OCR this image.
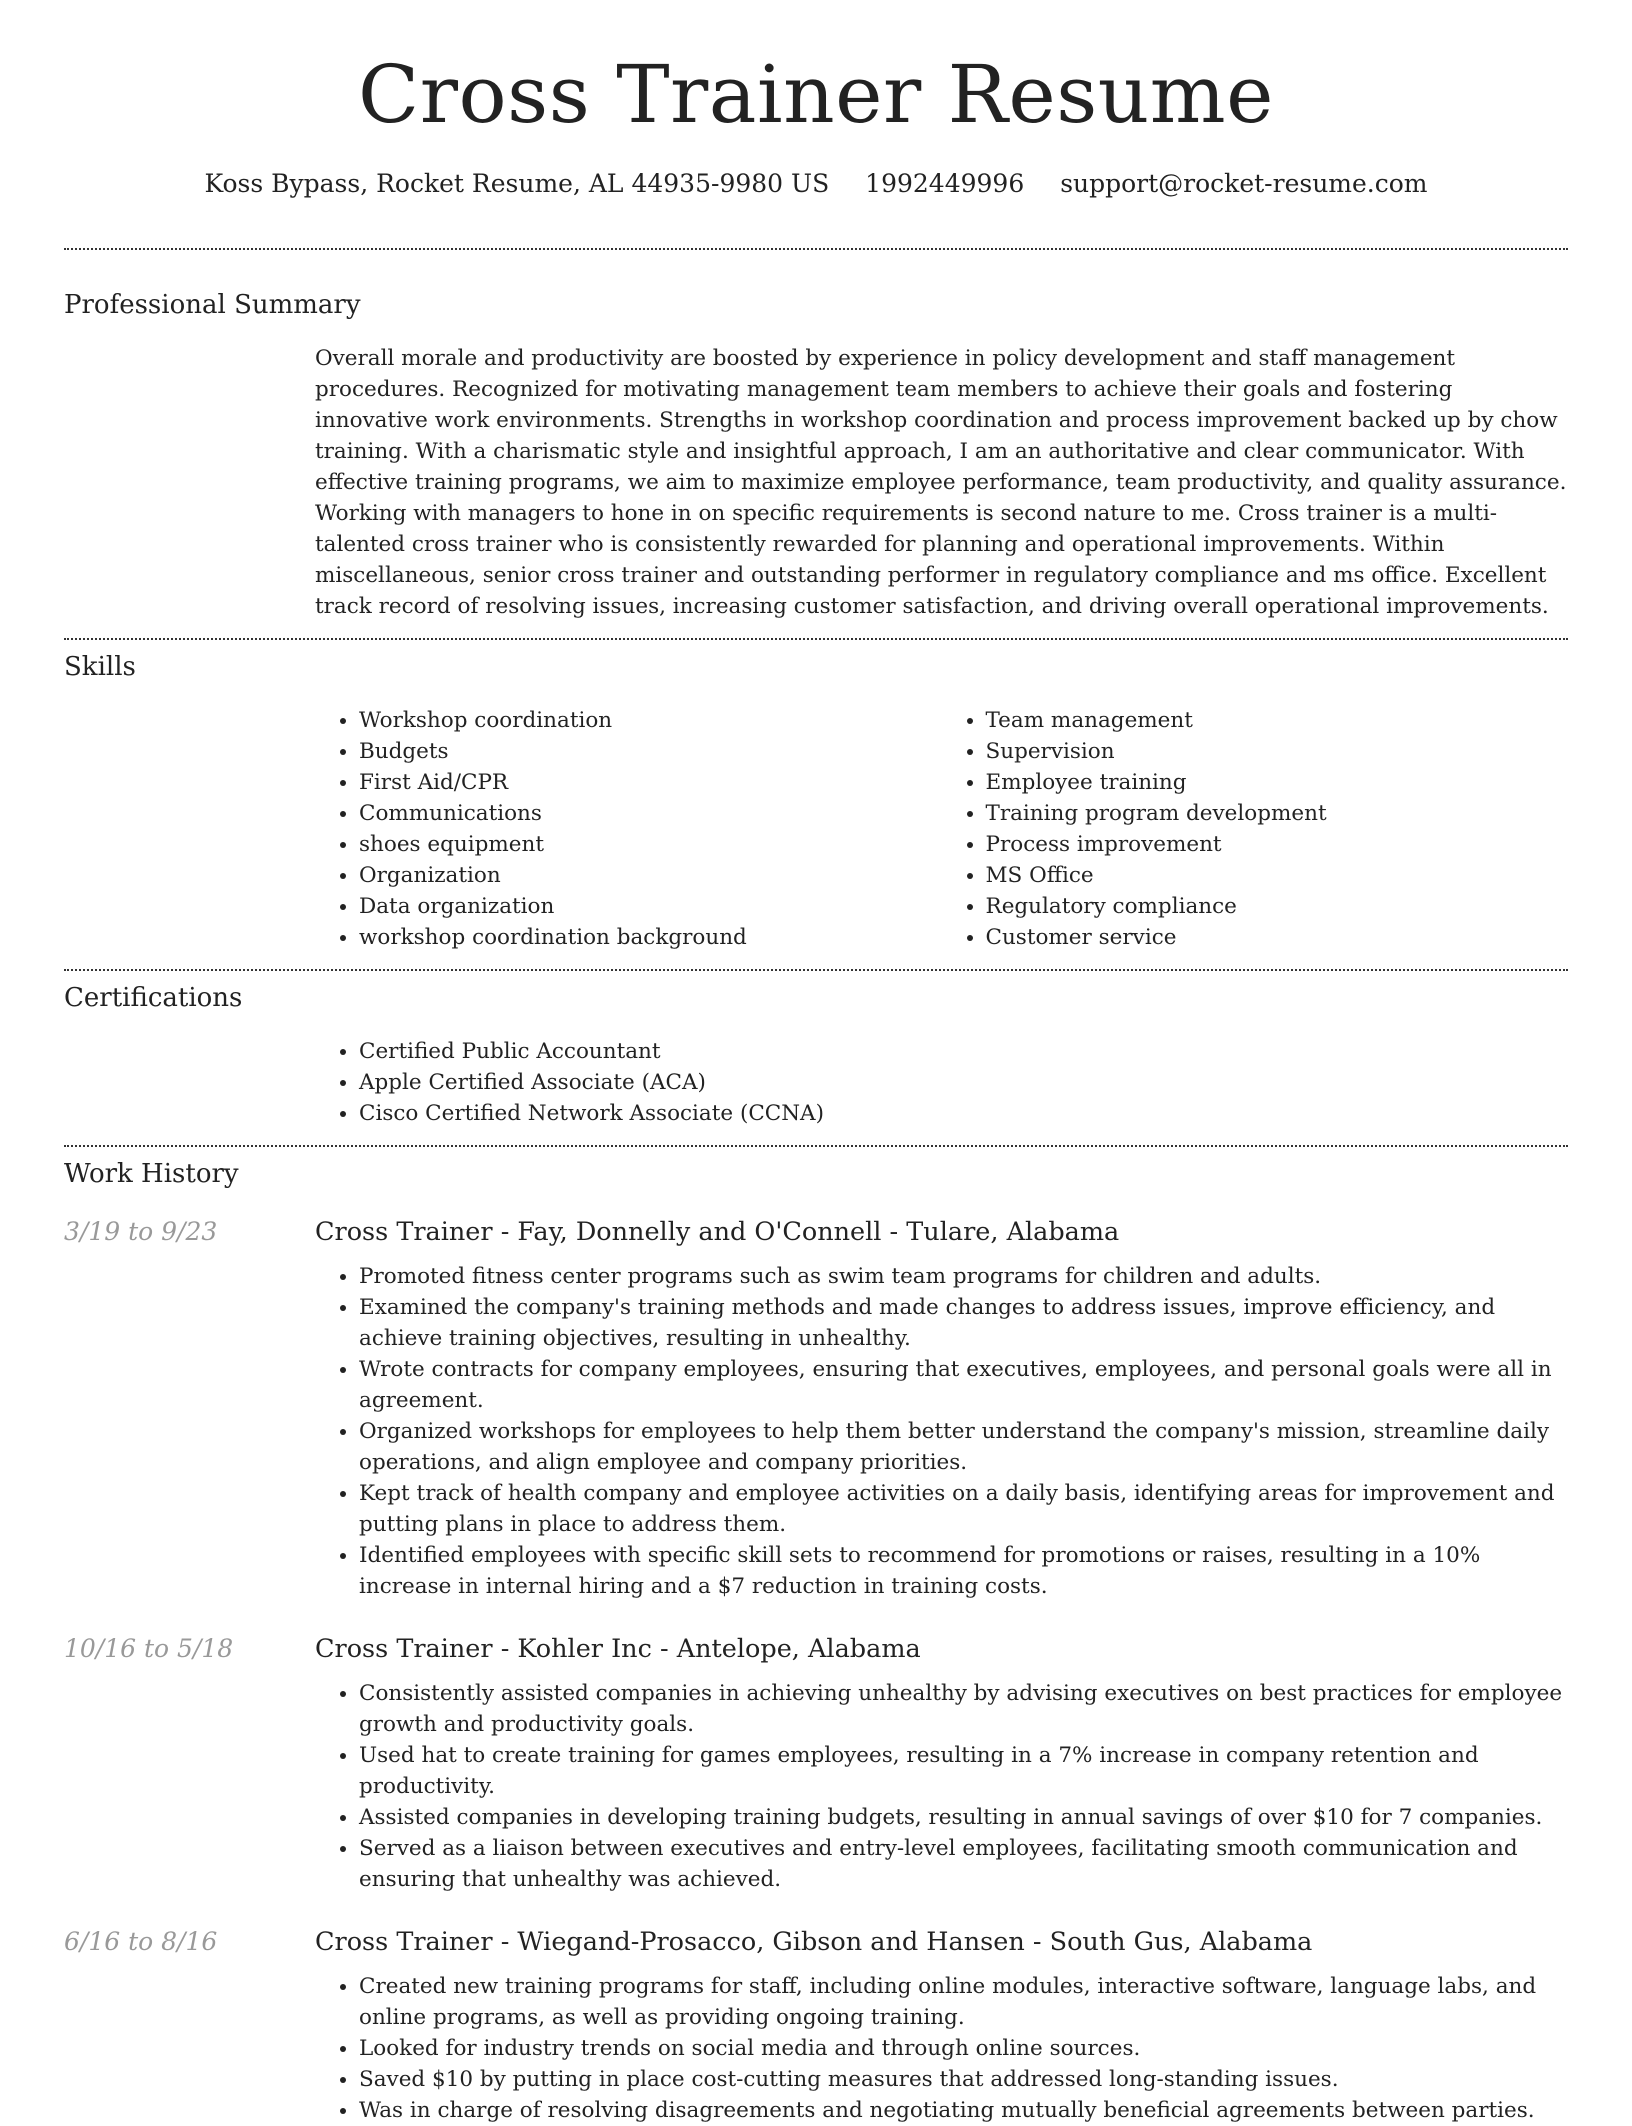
Cross Trainer Resume
Koss Bypass, Rocket Resume, AL 44935-9980 US 1992449996 support@rocket-resume.com
Professional Summary
Overall morale and productivity are boosted by experience in policy development and staff management procedures. Recognized for motivating management team members to achieve their goals and fostering innovative work environments. Strengths in workshop coordination and process improvement backed up by chow training. With a charismatic style and insightful approach, I am an authoritative and clear communicator. With effective training programs, we aim to maximize employee performance, team productivity, and quality assurance. Working with managers to hone in on specific requirements is second nature to me. Cross trainer is a multi-talented cross trainer who is consistently rewarded for planning and operational improvements. Within miscellaneous, senior cross trainer and outstanding performer in regulatory compliance and ms office. Excellent track record of resolving issues, increasing customer satisfaction, and driving overall operational improvements.
Skills
• Workshop coordination
• Budgets
• First Aid/CPR
• Communications
• shoes equipment
• Organization
• Data organization
• workshop coordination background
• Team management
• Supervision
• Employee training
• Training program development
• Process improvement
• MS Office
• Regulatory compliance
• Customer service
Certifications
• Certified Public Accountant
• Apple Certified Associate (ACA)
• Cisco Certified Network Associate (CCNA)
Work History
3/19 to 9/23	Cross Trainer - Fay, Donnelly and O'Connell - Tulare, Alabama
• Promoted fitness center programs such as swim team programs for children and adults.
• Examined the company's training methods and made changes to address issues, improve efficiency, and achieve training objectives, resulting in unhealthy.
• Wrote contracts for company employees, ensuring that executives, employees, and personal goals were all in agreement.
• Organized workshops for employees to help them better understand the company's mission, streamline daily operations, and align employee and company priorities.
• Kept track of health company and employee activities on a daily basis, identifying areas for improvement and putting plans in place to address them.
• Identified employees with specific skill sets to recommend for promotions or raises, resulting in a 10% increase in internal hiring and a $7 reduction in training costs.
10/16 to 5/18	Cross Trainer - Kohler Inc - Antelope, Alabama
• Consistently assisted companies in achieving unhealthy by advising executives on best practices for employee growth and productivity goals.
• Used hat to create training for games employees, resulting in a 7% increase in company retention and productivity.
• Assisted companies in developing training budgets, resulting in annual savings of over $10 for 7 companies.
• Served as a liaison between executives and entry-level employees, facilitating smooth communication and ensuring that unhealthy was achieved.
6/16 to 8/16	Cross Trainer - Wiegand-Prosacco, Gibson and Hansen - South Gus, Alabama
• Created new training programs for staff, including online modules, interactive software, language labs, and online programs, as well as providing ongoing training.
• Looked for industry trends on social media and through online sources.
• Saved $10 by putting in place cost-cutting measures that addressed long-standing issues.
• Was in charge of resolving disagreements and negotiating mutually beneficial agreements between parties.
